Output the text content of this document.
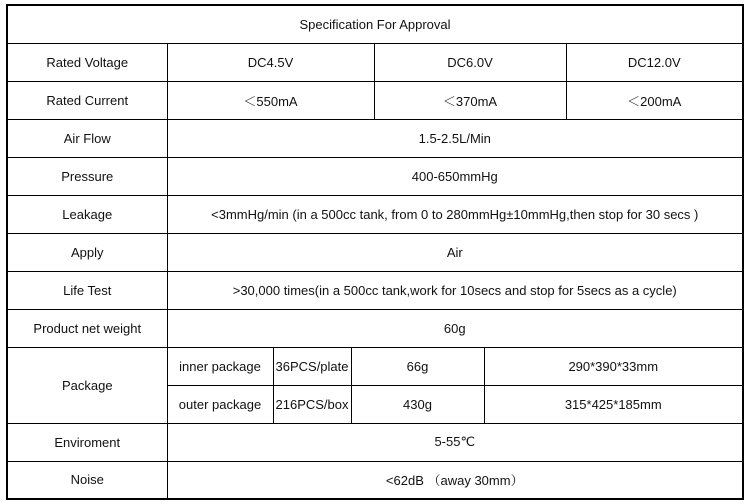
Specification For Approval						
Rated Voltage	DC4.5V			DC6.0V		DC12.0V
Rated Current	＜550mA			＜370mA		＜200mA
Air Flow	1.5-2.5L/Min					
Pressure	400-650mmHg					
Leakage	<3mmHg/min (in a 500cc tank, from 0 to 280mmHg±10mmHg,then stop for 30 secs )					
Apply	Air					
Life Test	>30,000 times(in a 500cc tank,work for 10secs and stop for 5secs as a cycle)					
Product net weight	60g					
Package	inner package	36PCS/plate	66g		290*390*33mm	
	outer package	216PCS/box	430g		315*425*185mm	
Enviroment	5-55℃					
Noise	<62dB （away 30mm）					
